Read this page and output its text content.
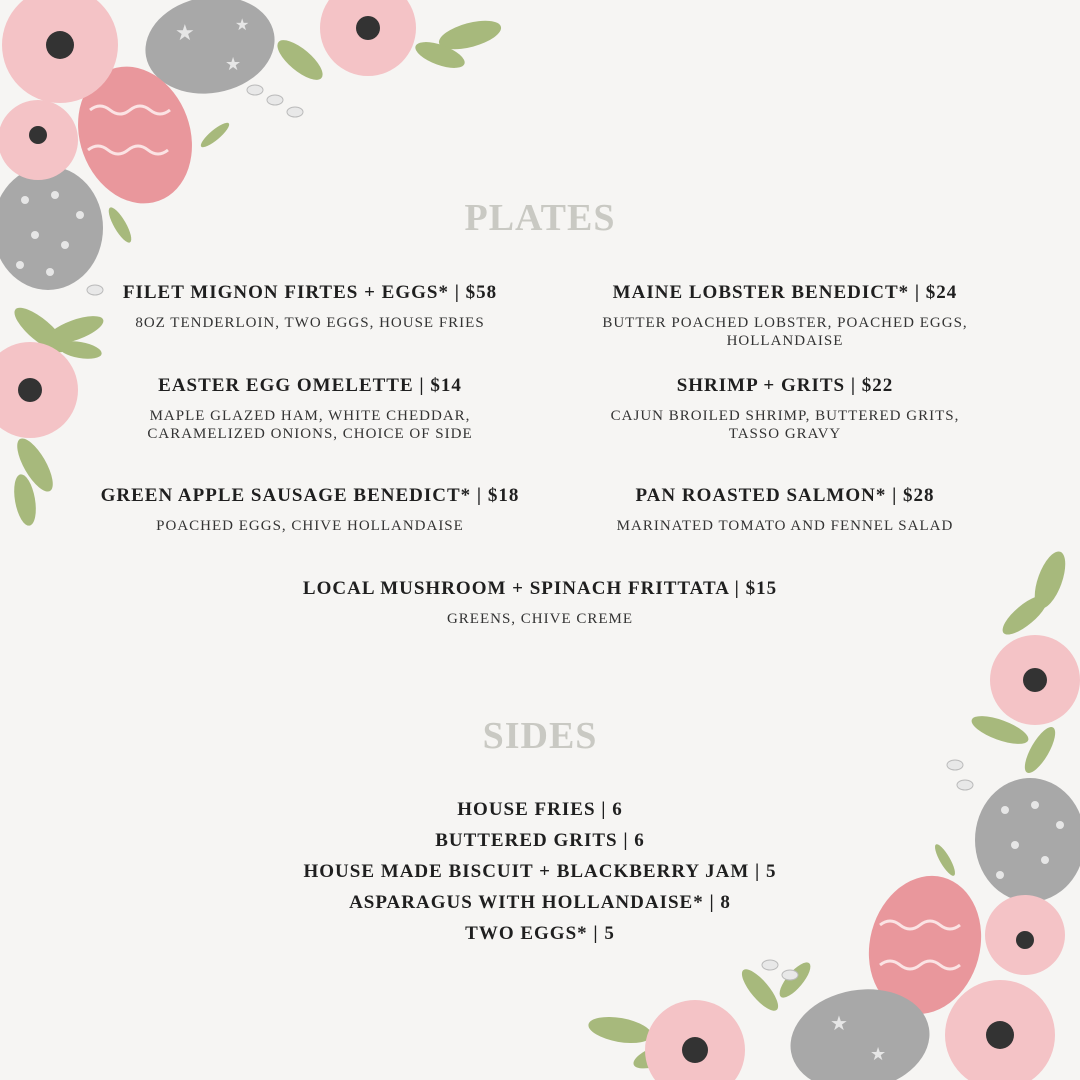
★
★
★
★
★
PLATES
FILET MIGNON FIRTES + EGGS* | $58
8OZ TENDERLOIN, TWO EGGS, HOUSE FRIES
MAINE LOBSTER BENEDICT* | $24
BUTTER POACHED LOBSTER, POACHED EGGS,
HOLLANDAISE
EASTER EGG OMELETTE | $14
MAPLE GLAZED HAM, WHITE CHEDDAR,
CARAMELIZED ONIONS, CHOICE OF SIDE
SHRIMP + GRITS | $22
CAJUN BROILED SHRIMP, BUTTERED GRITS,
TASSO GRAVY
GREEN APPLE SAUSAGE BENEDICT* | $18
POACHED EGGS, CHIVE HOLLANDAISE
PAN ROASTED SALMON* | $28
MARINATED TOMATO AND FENNEL SALAD
LOCAL MUSHROOM + SPINACH FRITTATA | $15
GREENS, CHIVE CREME
SIDES
HOUSE FRIES | 6
BUTTERED GRITS | 6
HOUSE MADE BISCUIT + BLACKBERRY JAM | 5
ASPARAGUS WITH HOLLANDAISE* | 8
TWO EGGS* | 5
